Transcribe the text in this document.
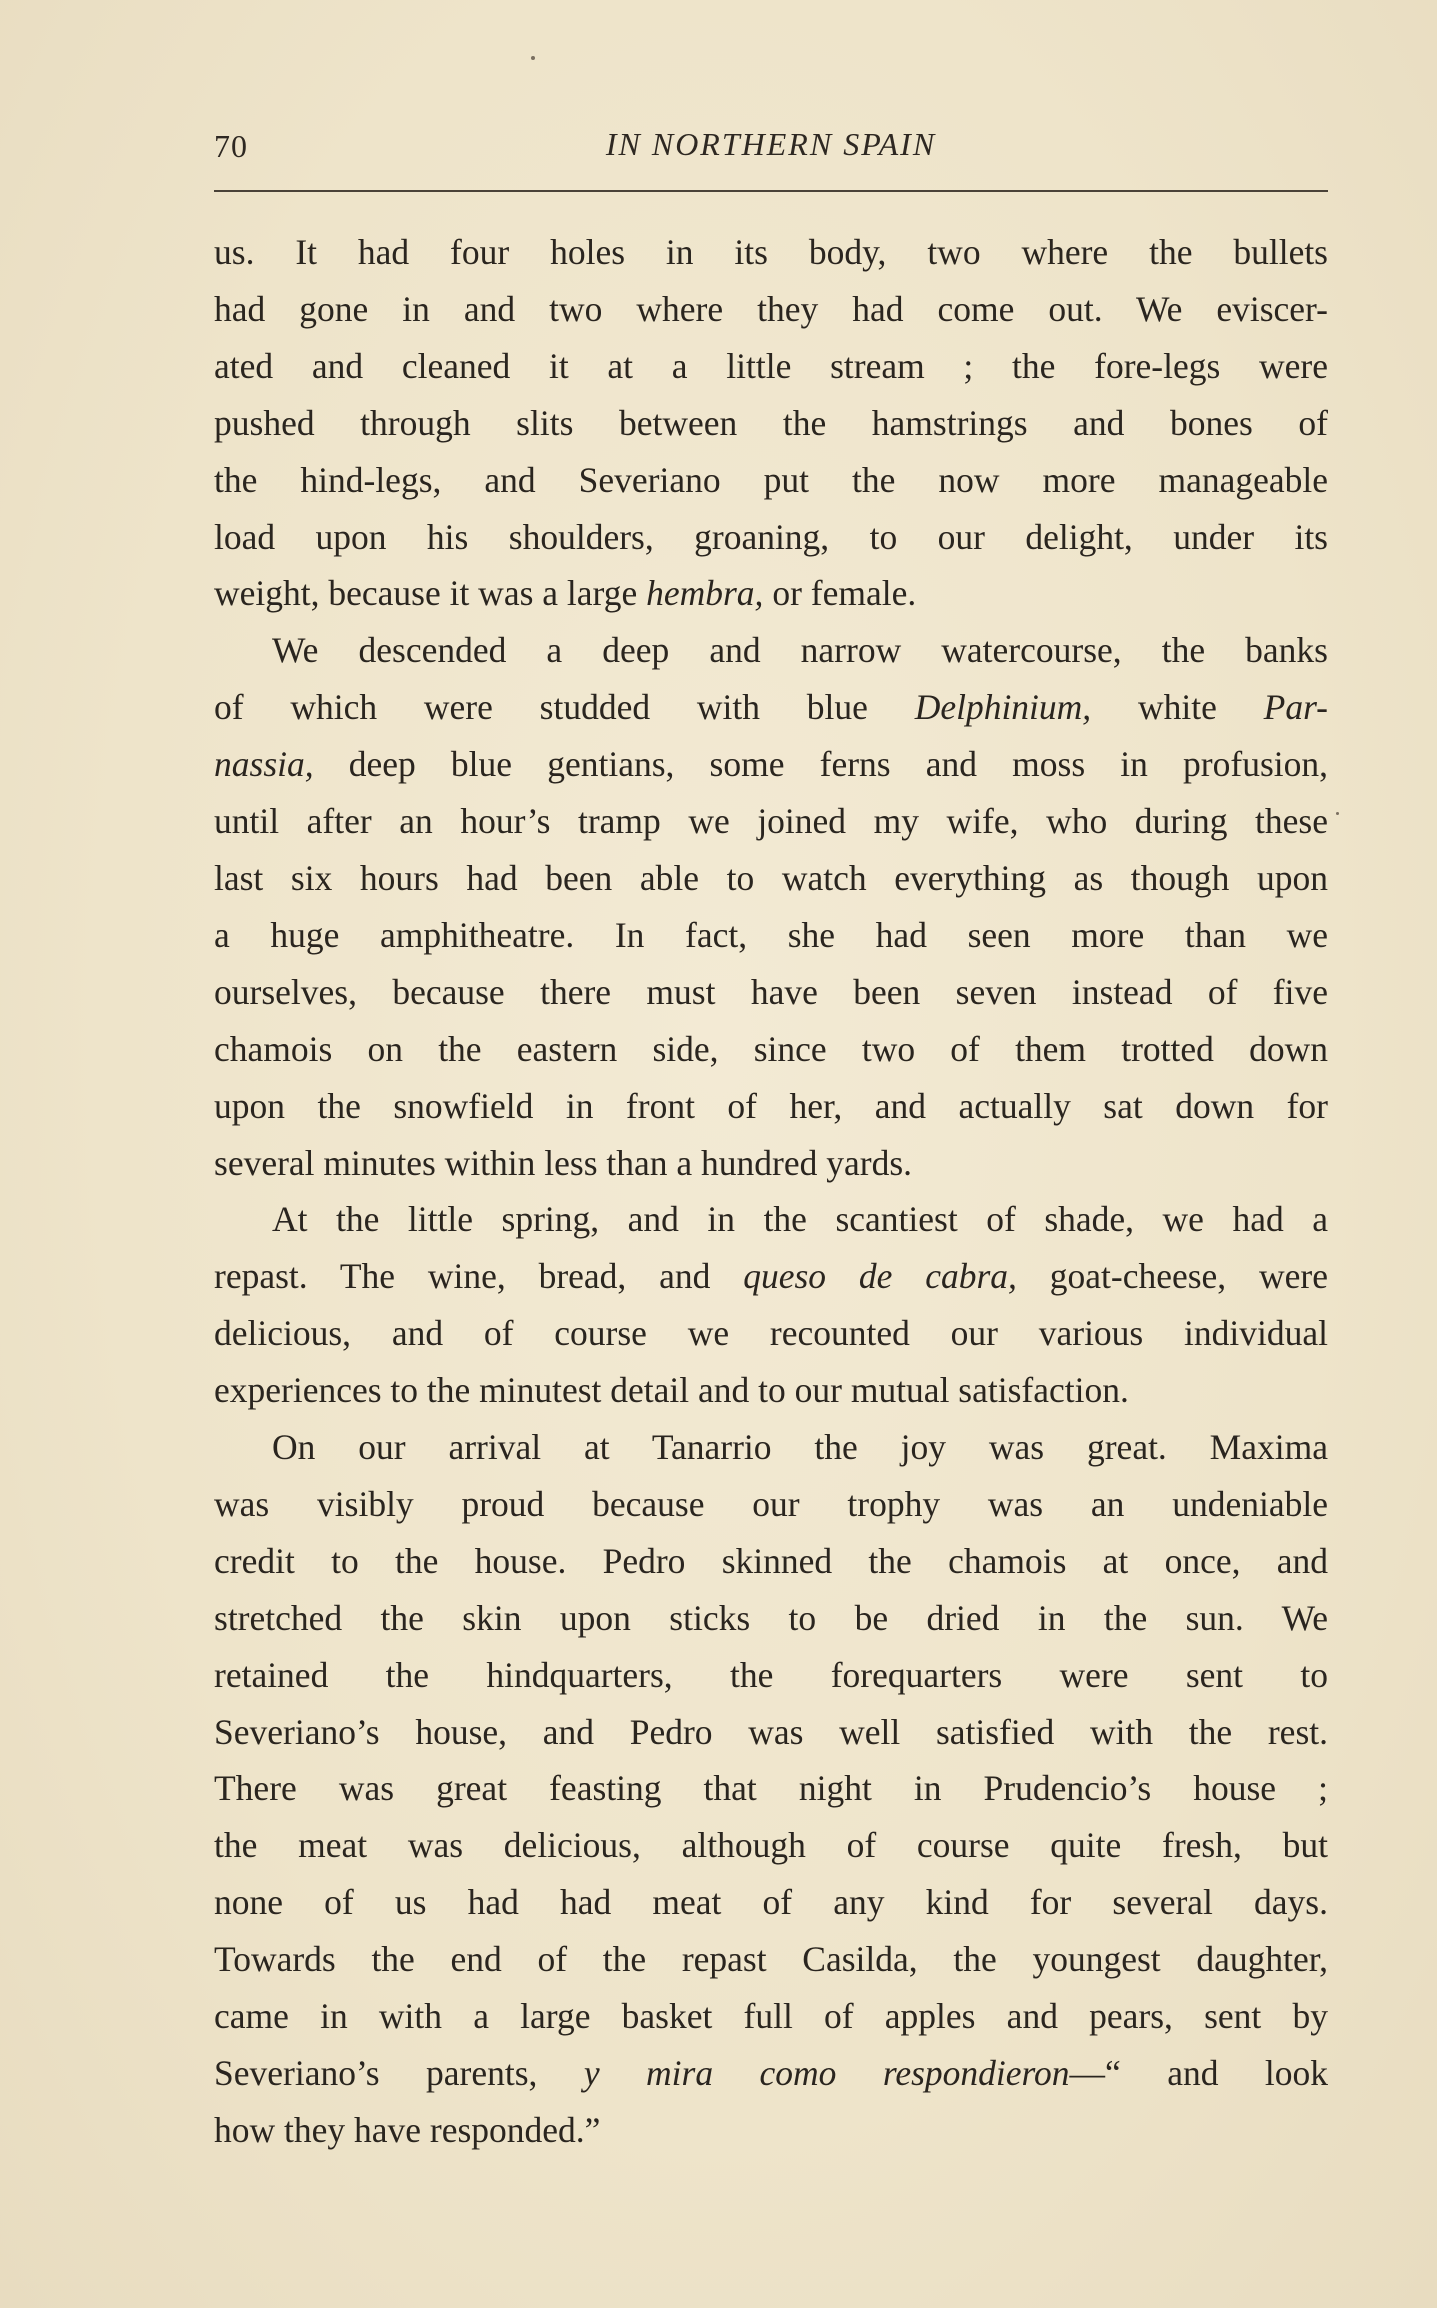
70	IN NORTHERN SPAIN
us. It had four holes in its body, two where the bullets
had gone in and two where they had come out. We eviscer-
ated and cleaned it at a little stream ; the fore-legs were
pushed through slits between the hamstrings and bones of
the hind-legs, and Severiano put the now more manageable
load upon his shoulders, groaning, to our delight, under its
weight, because it was a large hembra, or female.
We descended a deep and narrow watercourse, the banks
of which were studded with blue Delphinium, white Par-
nassia, deep blue gentians, some ferns and moss in profusion,
until after an hour’s tramp we joined my wife, who during these
last six hours had been able to watch everything as though upon
a huge amphitheatre. In fact, she had seen more than we
ourselves, because there must have been seven instead of five
chamois on the eastern side, since two of them trotted down
upon the snowfield in front of her, and actually sat down for
several minutes within less than a hundred yards.
At the little spring, and in the scantiest of shade, we had a
repast. The wine, bread, and queso de cabra, goat-cheese, were
delicious, and of course we recounted our various individual
experiences to the minutest detail and to our mutual satisfaction.
On our arrival at Tanarrio the joy was great. Maxima
was visibly proud because our trophy was an undeniable
credit to the house. Pedro skinned the chamois at once, and
stretched the skin upon sticks to be dried in the sun. We
retained the hindquarters, the forequarters were sent to
Severiano’s house, and Pedro was well satisfied with the rest.
There was great feasting that night in Prudencio’s house ;
the meat was delicious, although of course quite fresh, but
none of us had had meat of any kind for several days.
Towards the end of the repast Casilda, the youngest daughter,
came in with a large basket full of apples and pears, sent by
Severiano’s parents, y mira como respondieron—“ and look
how they have responded.”
